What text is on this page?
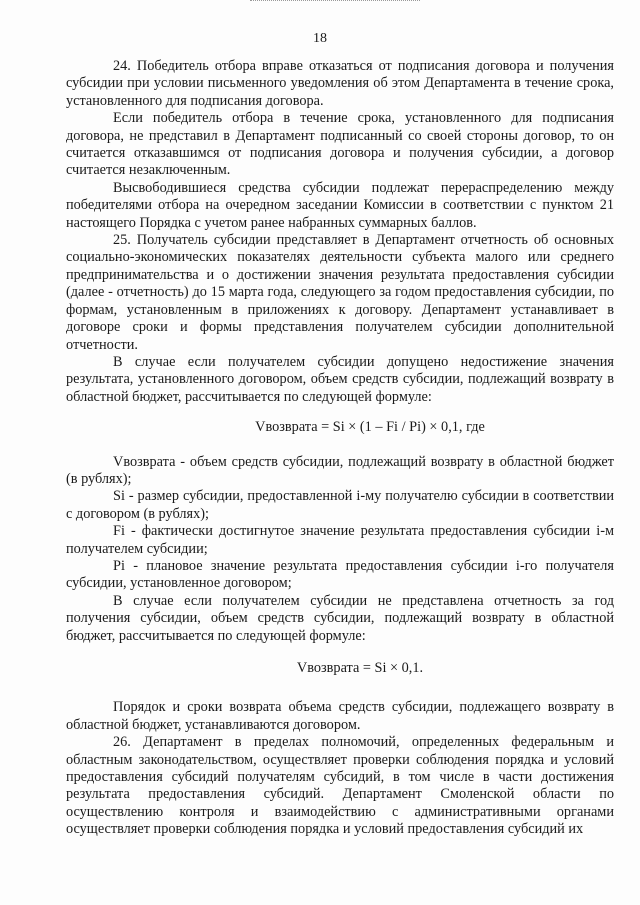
18

24. Победитель отбора вправе отказаться от подписания договора и получения субсидии при условии письменного уведомления об этом Департамента в течение срока, установленного для подписания договора.

Если победитель отбора в течение срока, установленного для подписания договора, не представил в Департамент подписанный со своей стороны договор, то он считается отказавшимся от подписания договора и получения субсидии, а договор считается незаключенным.

Высвободившиеся средства субсидии подлежат перераспределению между победителями отбора на очередном заседании Комиссии в соответствии с пунктом 21 настоящего Порядка с учетом ранее набранных суммарных баллов.

25. Получатель субсидии представляет в Департамент отчетность об основных социально-экономических показателях деятельности субъекта малого или среднего предпринимательства и о достижении значения результата предоставления субсидии (далее - отчетность) до 15 марта года, следующего за годом предоставления субсидии, по формам, установленным в приложениях к договору. Департамент устанавливает в договоре сроки и формы представления получателем субсидии дополнительной отчетности.

В случае если получателем субсидии допущено недостижение значения результата, установленного договором, объем средств субсидии, подлежащий возврату в областной бюджет, рассчитывается по следующей формуле:

Vвозврата = Si × (1 – Fi / Pi) × 0,1, где

Vвозврата - объем средств субсидии, подлежащий возврату в областной бюджет (в рублях);

Si - размер субсидии, предоставленной i-му получателю субсидии в соответствии с договором (в рублях);

Fi - фактически достигнутое значение результата предоставления субсидии i-м получателем субсидии;

Pi - плановое значение результата предоставления субсидии i-го получателя субсидии, установленное договором;

В случае если получателем субсидии не представлена отчетность за год получения субсидии, объем средств субсидии, подлежащий возврату в областной бюджет, рассчитывается по следующей формуле:

Vвозврата = Si × 0,1.

Порядок и сроки возврата объема средств субсидии, подлежащего возврату в областной бюджет, устанавливаются договором.

26. Департамент в пределах полномочий, определенных федеральным и областным законодательством, осуществляет проверки соблюдения порядка и условий предоставления субсидий получателям субсидий, в том числе в части достижения результата предоставления субсидий. Департамент Смоленской области по осуществлению контроля и взаимодействию с административными органами осуществляет проверки соблюдения порядка и условий предоставления субсидий их
